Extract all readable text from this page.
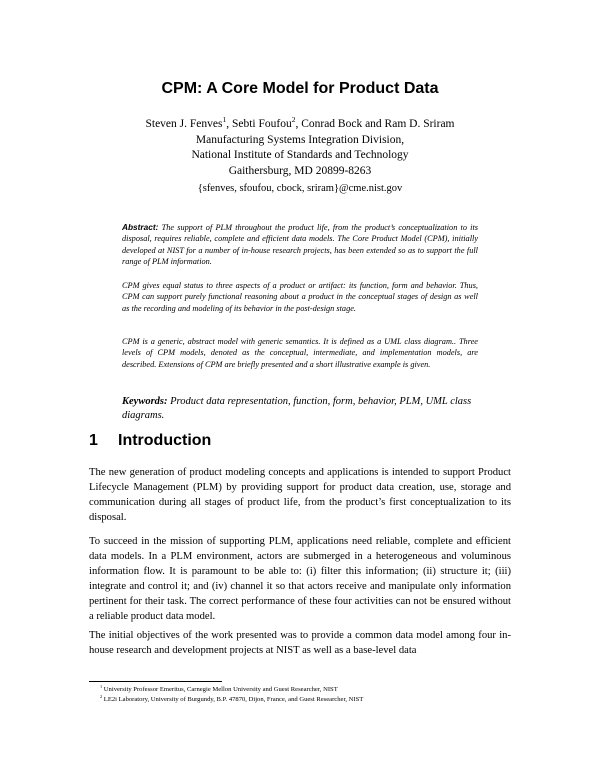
CPM: A Core Model for Product Data
Steven J. Fenves$^1$, Sebti Foufou$^2$, Conrad Bock and Ram D. Sriram
Manufacturing Systems Integration Division,
National Institute of Standards and Technology
Gaithersburg, MD 20899-8263
{sfenves, sfoufou, cbock, sriram}@cme.nist.gov
Abstract: The support of PLM throughout the product life, from the product’s conceptualization to its disposal, requires reliable, complete and efficient data models. The Core Product Model (CPM), initially developed at NIST for a number of in-house research projects, has been extended so as to support the full range of PLM information.
CPM gives equal status to three aspects of a product or artifact: its function, form and behavior. Thus, CPM can support purely functional reasoning about a product in the conceptual stages of design as well as the recording and modeling of its behavior in the post-design stage.
CPM is a generic, abstract model with generic semantics. It is defined as a UML class diagram.. Three levels of CPM models, denoted as the conceptual, intermediate, and implementation models, are described. Extensions of CPM are briefly presented and a short illustrative example is given.
Keywords: Product data representation, function, form, behavior, PLM, UML class diagrams.
1 Introduction
The new generation of product modeling concepts and applications is intended to support Product Lifecycle Management (PLM) by providing support for product data creation, use, storage and communication during all stages of product life, from the product’s first conceptualization to its disposal.
To succeed in the mission of supporting PLM, applications need reliable, complete and efficient data models. In a PLM environment, actors are submerged in a heterogeneous and voluminous information flow. It is paramount to be able to: (i) filter this information; (ii) structure it; (iii) integrate and control it; and (iv) channel it so that actors receive and manipulate only information pertinent for their task. The correct performance of these four activities can not be ensured without a reliable product data model.
The initial objectives of the work presented was to provide a common data model among four in-house research and development projects at NIST as well as a base-level data
$^1$ University Professor Emeritus, Carnegie Mellon University and Guest Researcher, NIST
$^2$ LE2i Laboratory, University of Burgundy, B.P. 47870, Dijon, France, and Guest Researcher, NIST
